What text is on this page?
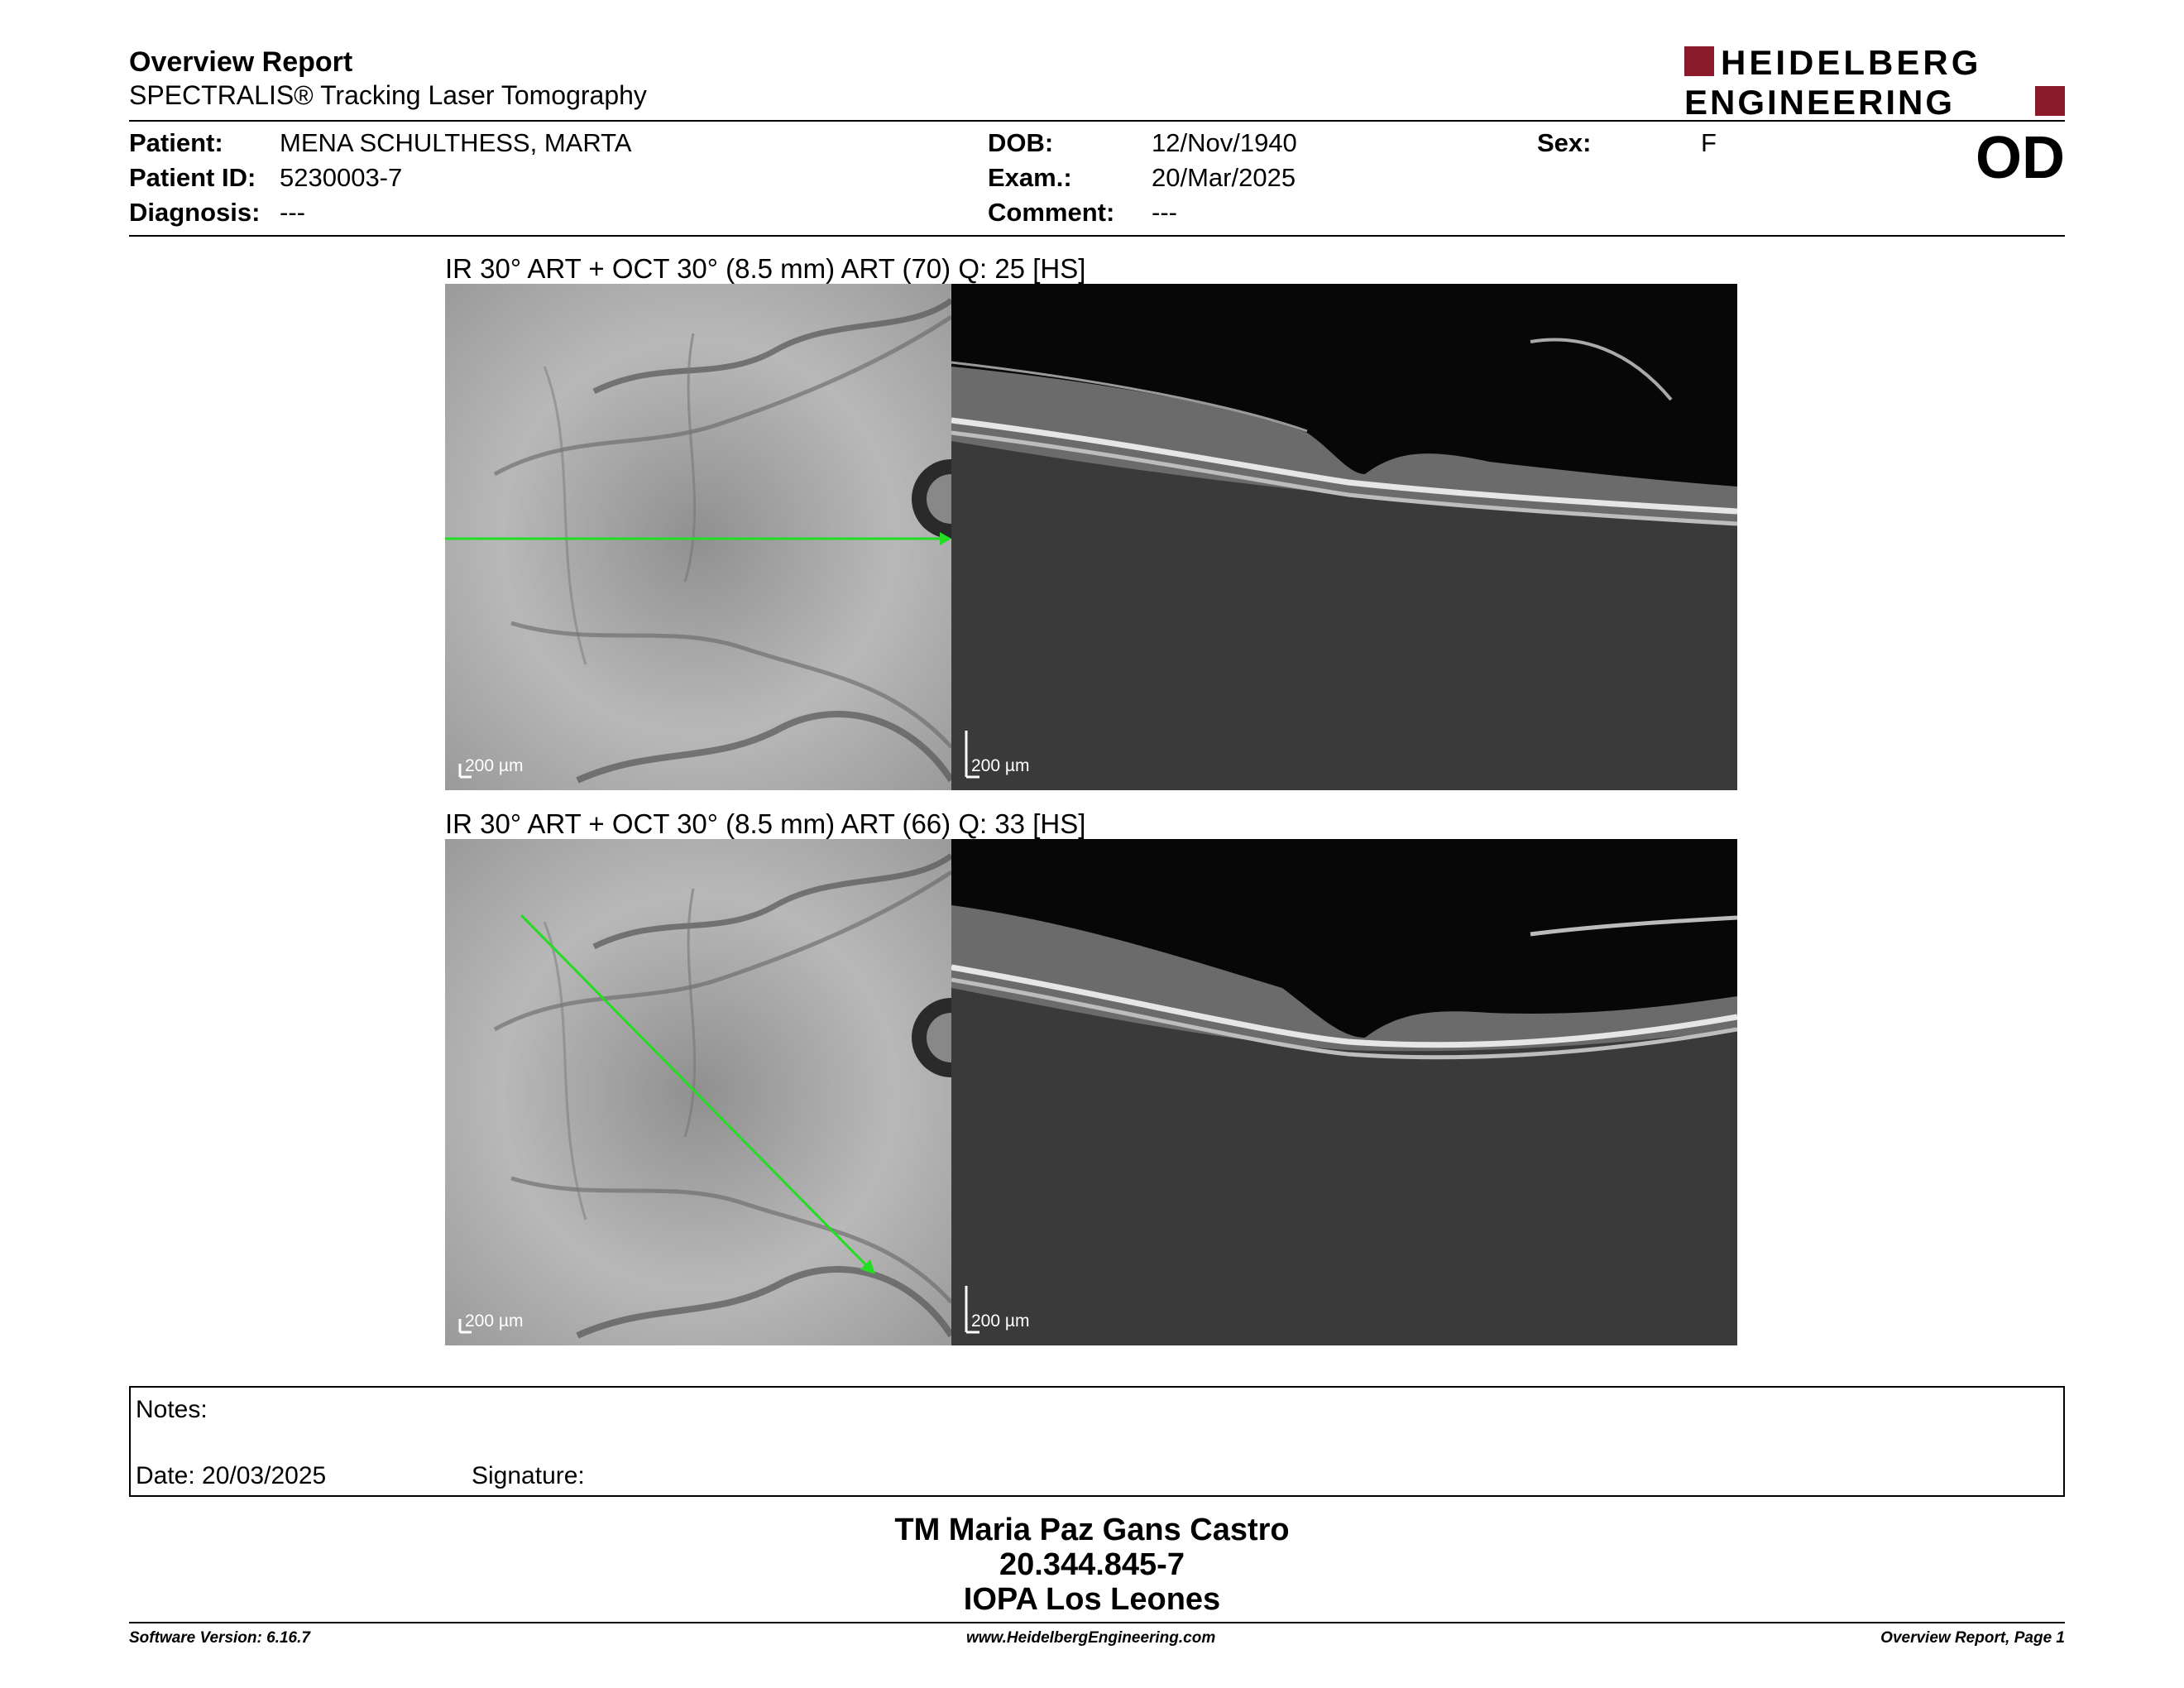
Overview Report
SPECTRALIS® Tracking Laser Tomography
HEIDELBERG
ENGINEERING
Patient: MENA SCHULTHESS, MARTA
Patient ID: 5230003-7
Diagnosis: ---
DOB:	12/Nov/1940
Exam.:	20/Mar/2025
Comment: ---
Sex:	F	OD
IR 30° ART + OCT 30° (8.5 mm) ART (70) Q: 25 [HS]
200 µm	200 µm
IR 30° ART + OCT 30° (8.5 mm) ART (66) Q: 33 [HS]
200 µm	200 µm
Notes:
Date: 20/03/2025	Signature:
TM Maria Paz Gans Castro
20.344.845-7
IOPA Los Leones
Software Version: 6.16.7	www.HeidelbergEngineering.com	Overview Report, Page 1
